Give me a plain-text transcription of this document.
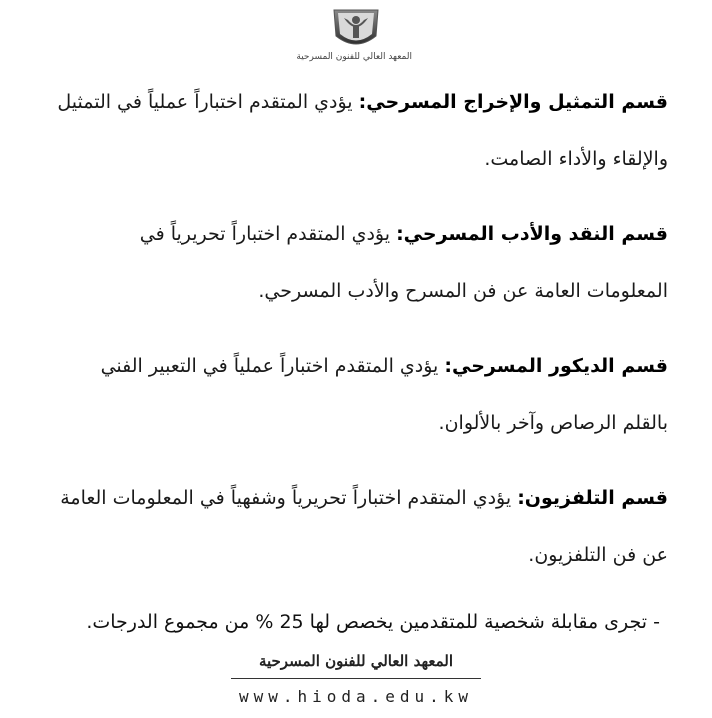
المعهد العالي للفنون المسرحية

قسم التمثيل والإخراج المسرحي: يؤدي المتقدم اختباراً عملياً في التمثيل والإلقاء والأداء الصامت.

قسم النقد والأدب المسرحي: يؤدي المتقدم اختباراً تحريرياً في المعلومات العامة عن فن المسرح والأدب المسرحي.

قسم الديكور المسرحي: يؤدي المتقدم اختباراً عملياً في التعبير الفني بالقلم الرصاص وآخر بالألوان.

قسم التلفزيون: يؤدي المتقدم اختباراً تحريرياً وشفهياً في المعلومات العامة عن فن التلفزيون.

- تجرى مقابلة شخصية للمتقدمين يخصص لها 25 % من مجموع الدرجات.
المعهد العالي للفنون المسرحية
www.hioda.edu.kw
